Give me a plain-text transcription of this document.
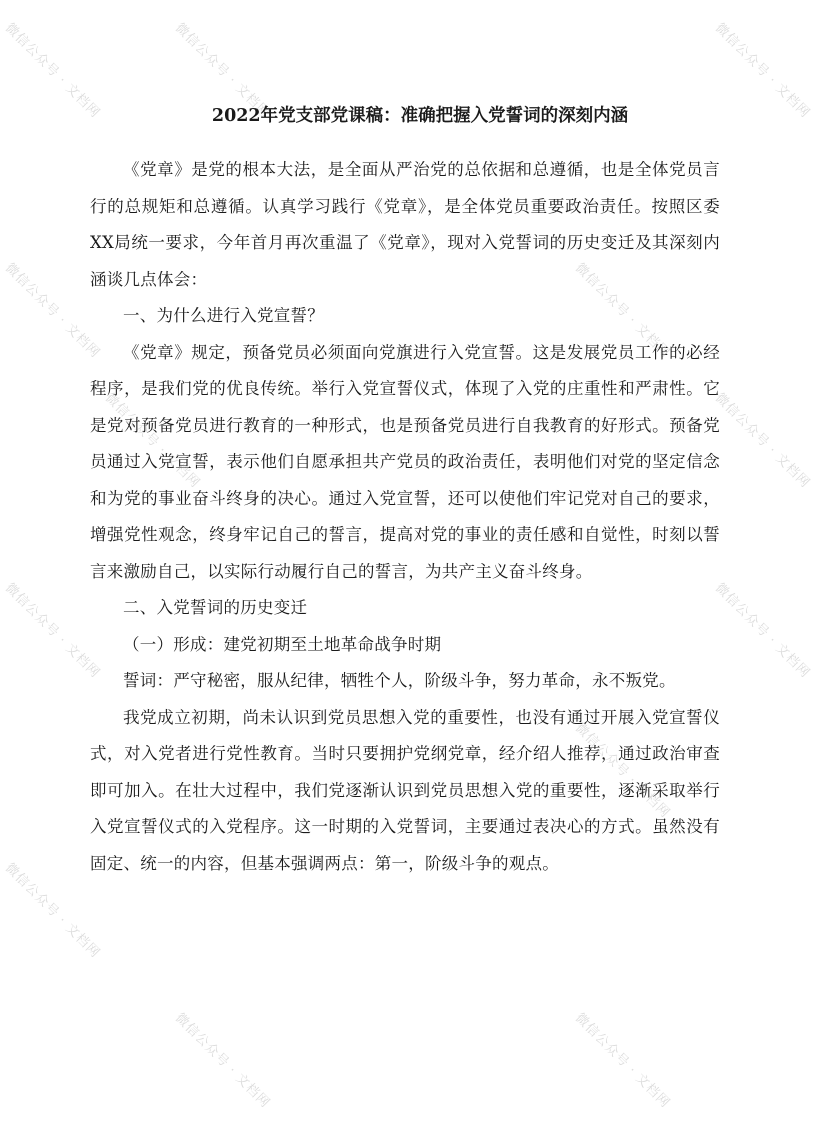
微信公众号 · 文档网	微信公众号 · 文档网	微信公众号 · 文档网
微信公众号 · 文档网	微信公众号 · 文档网
微信公众号 · 文档网	微信公众号 · 文档网
微信公众号 · 文档网	微信公众号 · 文档网
微信公众号 · 文档网
微信公众号 · 文档网
微信公众号 · 文档网	微信公众号 · 文档网
2022年党支部党课稿：准确把握入党誓词的深刻内涵

《党章》是党的根本大法，是全面从严治党的总依据和总遵循，也是全体党员言行的总规矩和总遵循。认真学习践行《党章》，是全体党员重要政治责任。按照区委XX局统一要求，今年首月再次重温了《党章》，现对入党誓词的历史变迁及其深刻内涵谈几点体会：

一、为什么进行入党宣誓？

《党章》规定，预备党员必须面向党旗进行入党宣誓。这是发展党员工作的必经程序，是我们党的优良传统。举行入党宣誓仪式，体现了入党的庄重性和严肃性。它是党对预备党员进行教育的一种形式，也是预备党员进行自我教育的好形式。预备党员通过入党宣誓，表示他们自愿承担共产党员的政治责任，表明他们对党的坚定信念和为党的事业奋斗终身的决心。通过入党宣誓，还可以使他们牢记党对自己的要求，增强党性观念，终身牢记自己的誓言，提高对党的事业的责任感和自觉性，时刻以誓言来激励自己，以实际行动履行自己的誓言，为共产主义奋斗终身。

二、入党誓词的历史变迁

（一）形成：建党初期至土地革命战争时期

誓词：严守秘密，服从纪律，牺牲个人，阶级斗争，努力革命，永不叛党。

我党成立初期，尚未认识到党员思想入党的重要性，也没有通过开展入党宣誓仪式，对入党者进行党性教育。当时只要拥护党纲党章，经介绍人推荐，通过政治审查即可加入。在壮大过程中，我们党逐渐认识到党员思想入党的重要性，逐渐采取举行入党宣誓仪式的入党程序。这一时期的入党誓词，主要通过表决心的方式。虽然没有固定、统一的内容，但基本强调两点：第一，阶级斗争的观点。
